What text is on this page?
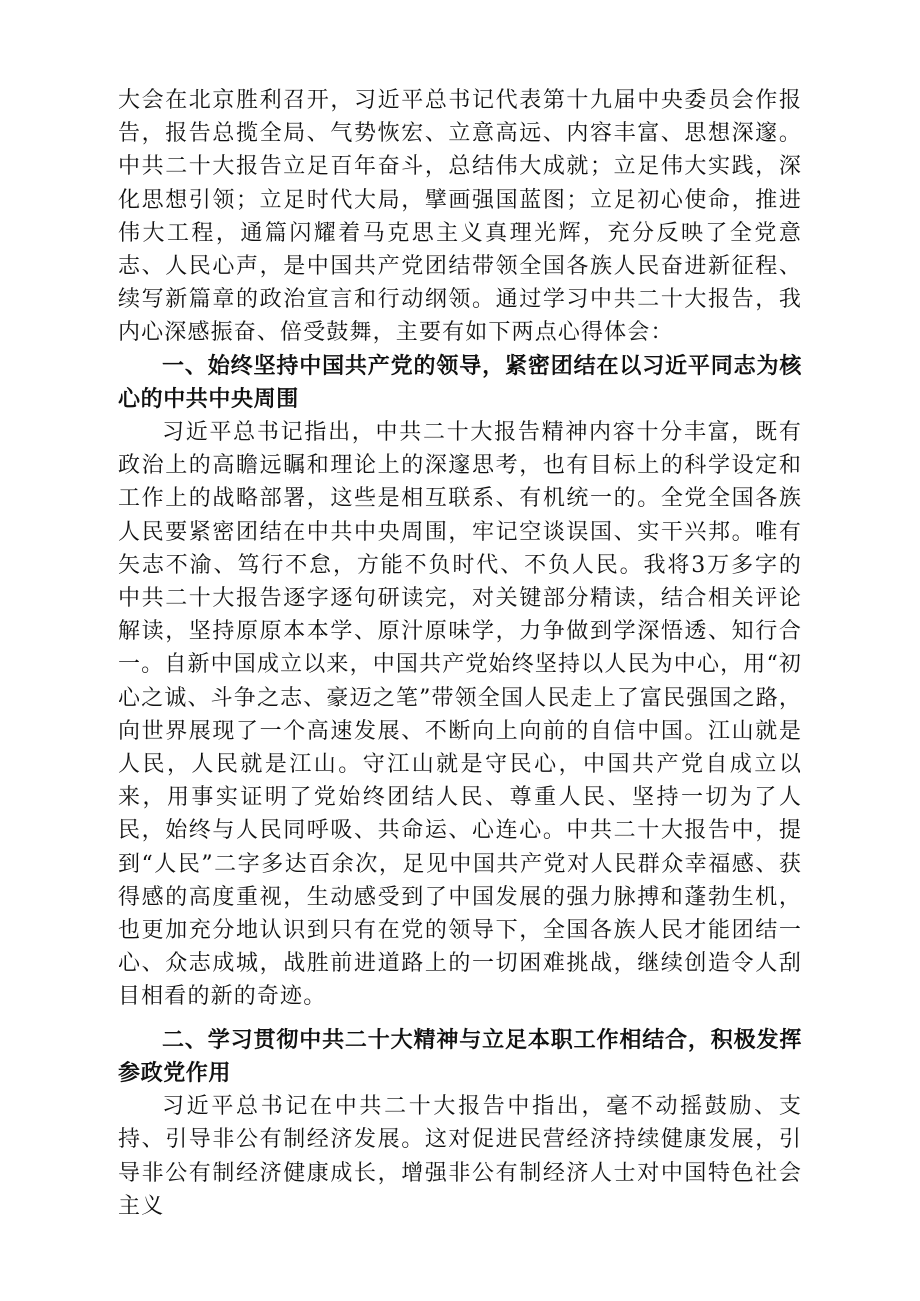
大会在北京胜利召开，习近平总书记代表第十九届中央委员会作报告，报告总揽全局、气势恢宏、立意高远、内容丰富、思想深邃。中共二十大报告立足百年奋斗，总结伟大成就；立足伟大实践，深化思想引领；立足时代大局，擘画强国蓝图；立足初心使命，推进伟大工程，通篇闪耀着马克思主义真理光辉，充分反映了全党意志、人民心声，是中国共产党团结带领全国各族人民奋进新征程、续写新篇章的政治宣言和行动纲领。通过学习中共二十大报告，我内心深感振奋、倍受鼓舞，主要有如下两点心得体会：

一、始终坚持中国共产党的领导，紧密团结在以习近平同志为核心的中共中央周围

习近平总书记指出，中共二十大报告精神内容十分丰富，既有政治上的高瞻远瞩和理论上的深邃思考，也有目标上的科学设定和工作上的战略部署，这些是相互联系、有机统一的。全党全国各族人民要紧密团结在中共中央周围，牢记空谈误国、实干兴邦。唯有矢志不渝、笃行不怠，方能不负时代、不负人民。我将3万多字的中共二十大报告逐字逐句研读完，对关键部分精读，结合相关评论解读，坚持原原本本学、原汁原味学，力争做到学深悟透、知行合一。自新中国成立以来，中国共产党始终坚持以人民为中心，用“初心之诚、斗争之志、豪迈之笔”带领全国人民走上了富民强国之路，向世界展现了一个高速发展、不断向上向前的自信中国。江山就是人民，人民就是江山。守江山就是守民心，中国共产党自成立以来，用事实证明了党始终团结人民、尊重人民、坚持一切为了人民，始终与人民同呼吸、共命运、心连心。中共二十大报告中，提到“人民”二字多达百余次，足见中国共产党对人民群众幸福感、获得感的高度重视，生动感受到了中国发展的强力脉搏和蓬勃生机，也更加充分地认识到只有在党的领导下，全国各族人民才能团结一心、众志成城，战胜前进道路上的一切困难挑战，继续创造令人刮目相看的新的奇迹。

二、学习贯彻中共二十大精神与立足本职工作相结合，积极发挥参政党作用

习近平总书记在中共二十大报告中指出，毫不动摇鼓励、支持、引导非公有制经济发展。这对促进民营经济持续健康发展，引导非公有制经济健康成长，增强非公有制经济人士对中国特色社会主义
